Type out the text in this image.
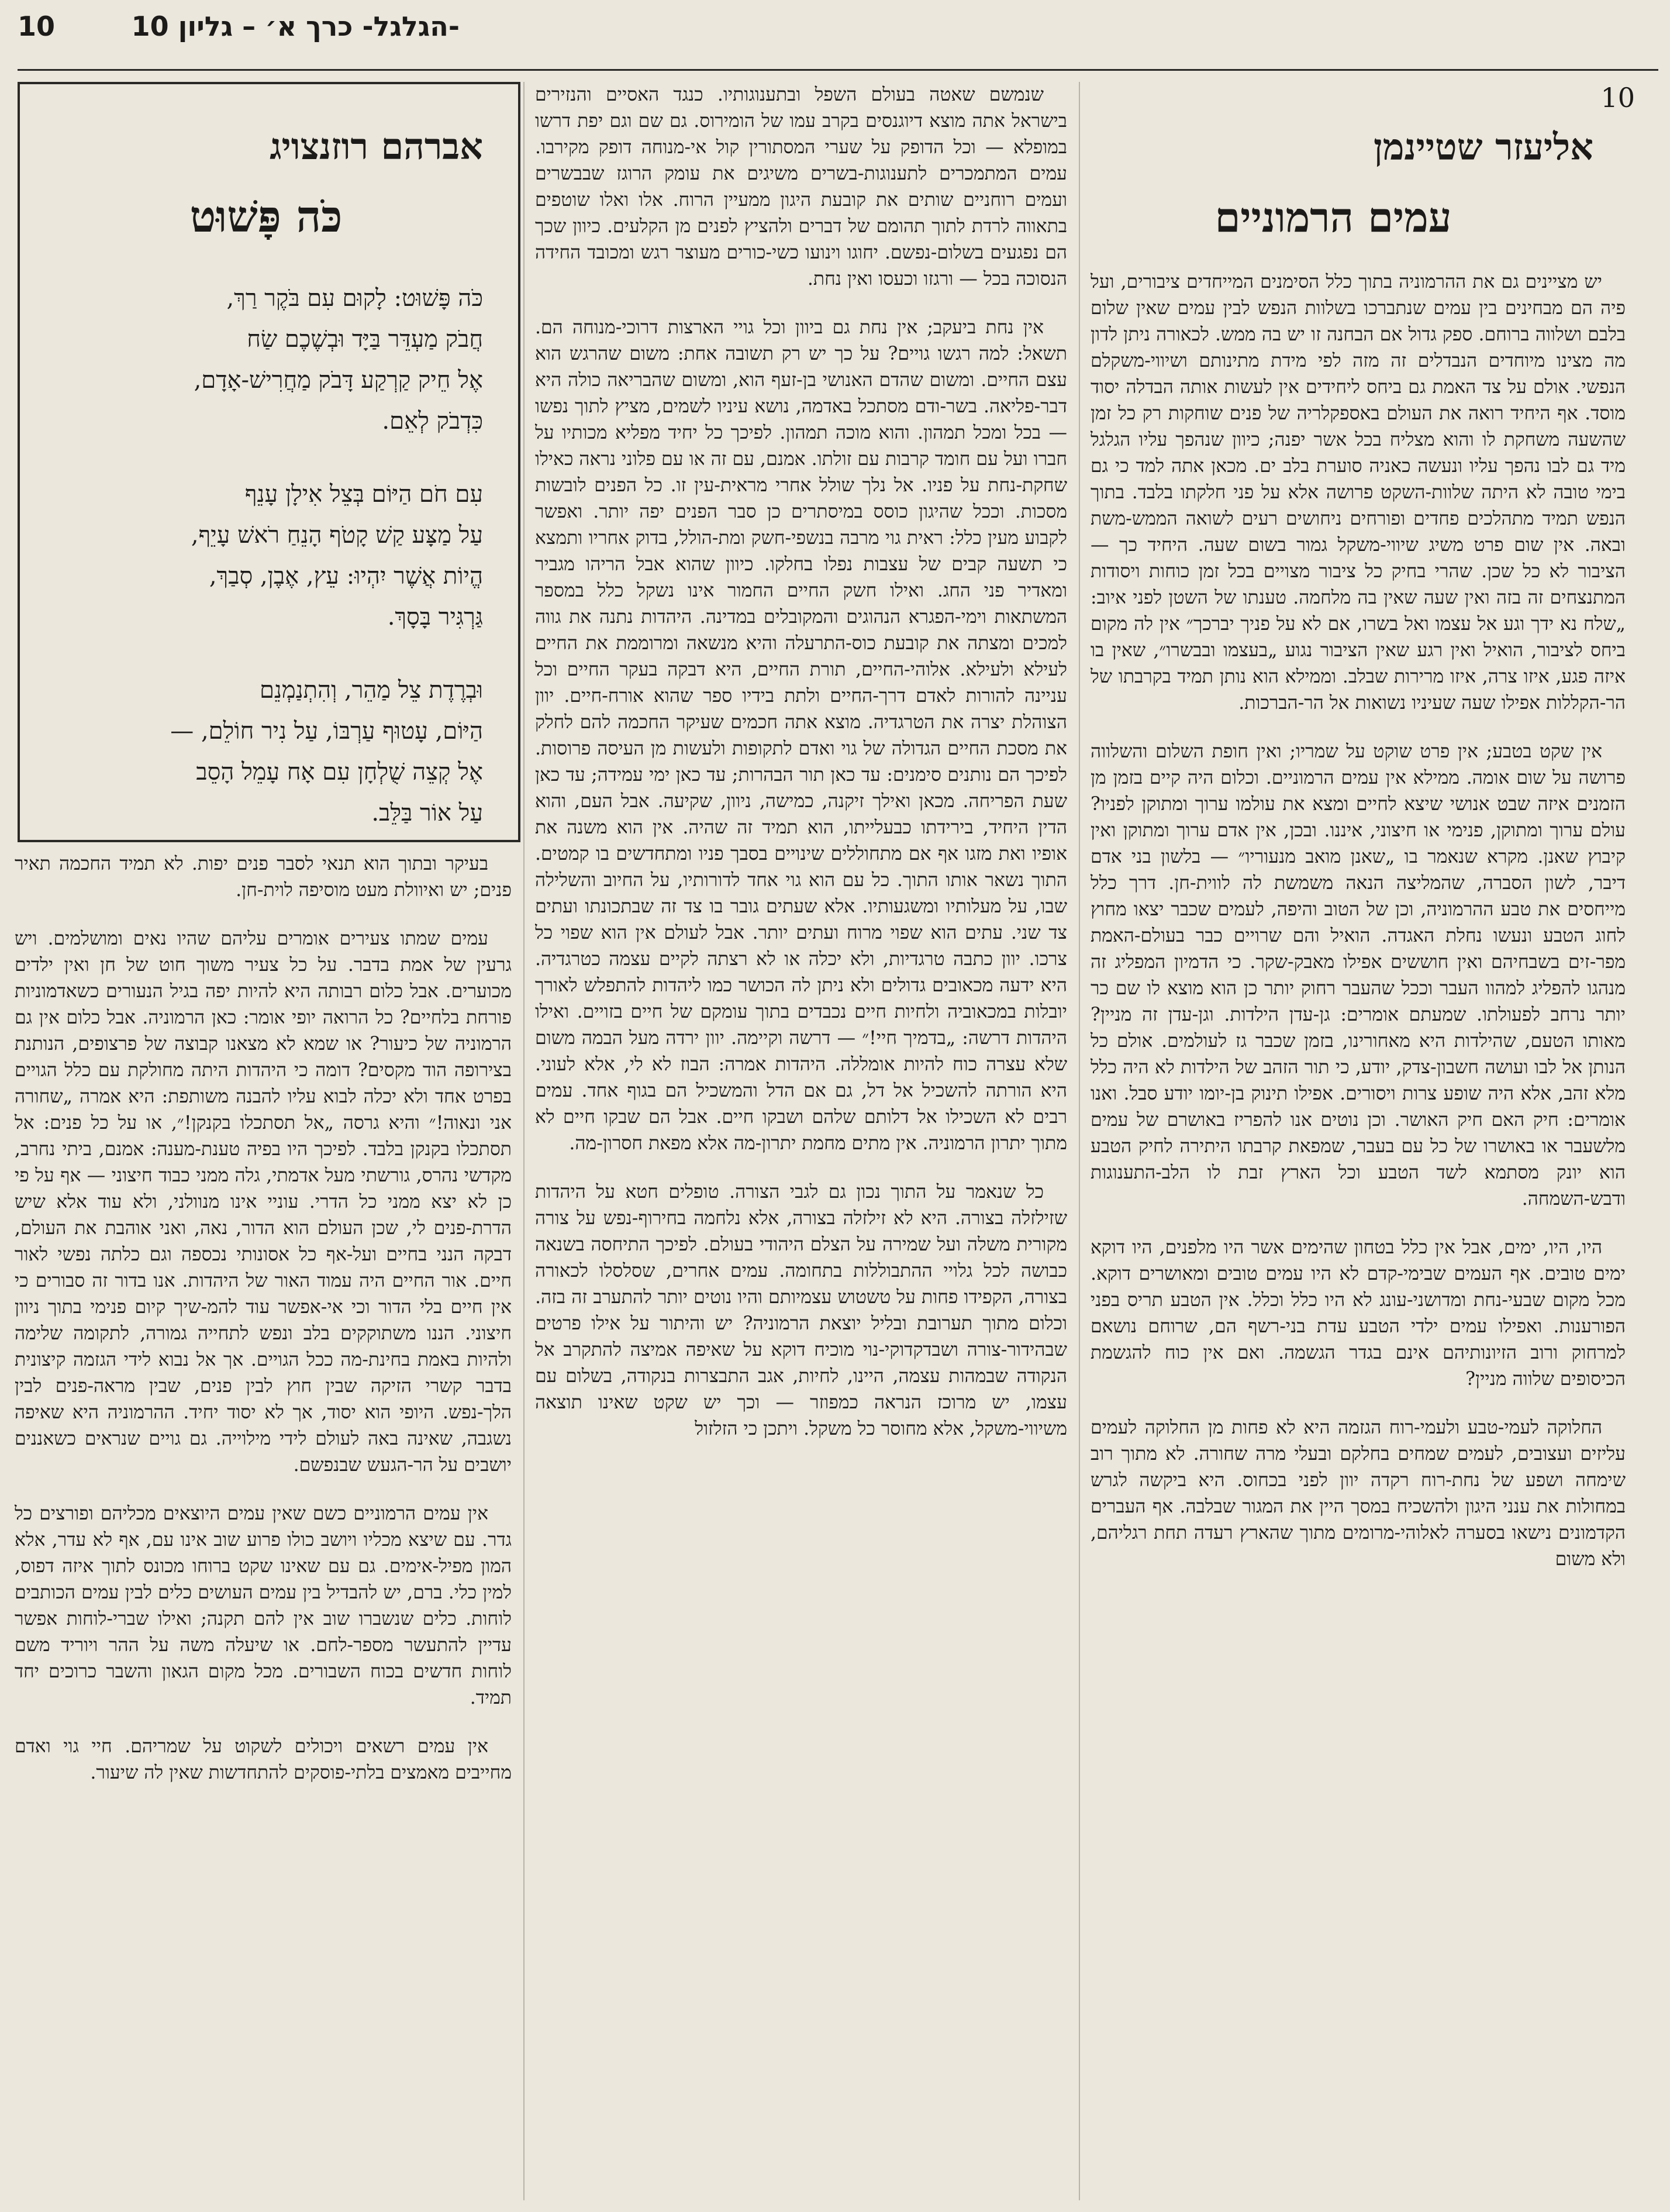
10	-הגלגל- כרך א׳ – גליון 10
10
אליעזר שטיינמן
עמים הרמוניים

יש מציינים גם את ההרמוניה בתוך כלל הסימנים המייחדים ציבורים, ועל פיה הם מבחינים בין עמים שנתברכו בשלוות הנפש לבין עמים שאין שלום בלבם ושלווה ברוחם. ספק גדול אם הבחנה זו יש בה ממש. לכאורה ניתן לדון מה מצינו מיוחדים הנבדלים זה מזה לפי מידת מתינותם ושיווי-משקלם הנפשי. אולם על צד האמת גם ביחס ליחידים אין לעשות אותה הבדלה יסוד מוסד. אף היחיד רואה את העולם באספקלריה של פנים שוחקות רק כל זמן שהשעה משחקת לו והוא מצליח בכל אשר יפנה; כיוון שנהפך עליו הגלגל מיד גם לבו נהפך עליו ונעשה כאניה סוערת בלב ים. מכאן אתה למד כי גם בימי טובה לא היתה שלוות-השקט פרושה אלא על פני חלקתו בלבד. בתוך הנפש תמיד מתהלכים פחדים ופורחים ניחושים רעים לשואה הממש-משת ובאה. אין שום פרט משיג שיווי-משקל גמור בשום שעה. היחיד כך — הציבור לא כל שכן. שהרי בחיק כל ציבור מצויים בכל זמן כוחות ויסודות המתנצחים זה בזה ואין שעה שאין בה מלחמה. טענתו של השטן לפני איוב: „שלח נא ידך וגע אל עצמו ואל בשרו, אם לא על פניך יברכך״ אין לה מקום ביחס לציבור, הואיל ואין רגע שאין הציבור נגוע „בעצמו ובבשרו״, שאין בו איזה פגע, איזו צרה, איזו מרירות שבלב. וממילא הוא נותן תמיד בקרבתו של הר-הקללות אפילו שעה שעיניו נשואות אל הר-הברכות.

אין שקט בטבע; אין פרט שוקט על שמריו; ואין חופת השלום והשלווה פרושה על שום אומה. ממילא אין עמים הרמוניים. וכלום היה קיים בזמן מן הזמנים איזה שבט אנושי שיצא לחיים ומצא את עולמו ערוך ומתוקן לפניו? עולם ערוך ומתוקן, פנימי או חיצוני, איננו. ובכן, אין אדם ערוך ומתוקן ואין קיבוץ שאנן. מקרא שנאמר בו „שאנן מואב מנעוריו״ — בלשון בני אדם דיבר, לשון הסברה, שהמליצה הנאה משמשת לה לווית-חן. דרך כלל מייחסים את טבע ההרמוניה, וכן של הטוב והיפה, לעמים שכבר יצאו מחוץ לחוג הטבע ונעשו נחלת האגדה. הואיל והם שרויים כבר בעולם-האמת מפר-זים בשבחיהם ואין חוששים אפילו מאבק-שקר. כי הדמיון המפליג זה מנהגו להפליג למהוו העבר וככל שהעבר רחוק יותר כן הוא מוצא לו שם כר יותר נרחב לפעולתו. שמעתם אומרים: גן-עדן הילדות. וגן-עדן זה מניין? מאותו הטעם, שהילדות היא מאחורינו, בזמן שכבר גז לעולמים. אולם כל הנותן אל לבו ועושה חשבון-צדק, יודע, כי תור הזהב של הילדות לא היה כלל מלא זהב, אלא היה שופע צרות ויסורים. אפילו תינוק בן-יומו יודע סבל. ואנו אומרים: חיק האם חיק האושר. וכן נוטים אנו להפריז באושרם של עמים מלשעבר או באושרו של כל עם בעבר, שמפאת קרבתו היתירה לחיק הטבע הוא יונק מסתמא לשד הטבע וכל הארץ זבת לו הלב-התענוגות ודבש-השמחה.

היו, היו, ימים, אבל אין כלל בטחון שהימים אשר היו מלפנים, היו דוקא ימים טובים. אף העמים שבימי-קדם לא היו עמים טובים ומאושרים דוקא. מכל מקום שבעי-נחת ומדושני-עונג לא היו כלל וכלל. אין הטבע תריס בפני הפורענות. ואפילו עמים ילדי הטבע עדת בני-רשף הם, שרוחם נושאם למרחוק ורוב הזיונותיהם אינם בגדר הגשמה. ואם אין כוח להגשמת הכיסופים שלווה מניין?

החלוקה לעמי-טבע ולעמי-רוח הגזמה היא לא פחות מן החלוקה לעמים עליזים ועצובים, לעמים שמחים בחלקם ובעלי מרה שחורה. לא מתוך רוב שימחה ושפע של נחת-רוח רקדה יוון לפני בכחוס. היא ביקשה לגרש במחולות את ענני היגון ולהשכיח במסך היין את המגור שבלבה. אף העברים הקדמונים נישאו בסערה לאלוהי-מרומים מתוך שהארץ רעדה תחת רגליהם, ולא משום

שנמשם שאטה בעולם השפל ובתענוגותיו. כנגד האסיים והנזירים בישראל אתה מוצא דיוגנסים בקרב עמו של הומירוס. גם שם וגם יפת דרשו במופלא — וכל הדופק על שערי המסתורין קול אי-מנוחה דופק מקירבו. עמים המתמכרים לתענוגות-בשרים משיגים את עומק הרוגז שבבשרים ועמים רוחניים שותים את קובעת היגון ממעיין הרוח. אלו ואלו שוטפים בתאווה לרדת לתוך תהומם של דברים ולהציץ לפנים מן הקלעים. כיוון שכך הם נפגעים בשלום-נפשם. יחוגו וינועו כשי-כורים מעוצר רגש ומכובד החידה הנסוכה בכל — ורגזו וכעסו ואין נחת.

אין נחת ביעקב; אין נחת גם ביוון וכל גויי הארצות דרוכי-מנוחה הם. תשאל: למה רגשו גויים? על כך יש רק תשובה אחת: משום שהרגש הוא עצם החיים. ומשום שהדם האנושי בן-זעף הוא, ומשום שהבריאה כולה היא דבר-פליאה. בשר-ודם מסתכל באדמה, נושא עיניו לשמים, מציץ לתוך נפשו — בכל ומכל תמהון. והוא מוכה תמהון. לפיכך כל יחיד מפליא מכותיו על חברו ועל עם חומד קרבות עם זולתו. אמנם, עם זה או עם פלוני נראה כאילו שחקת-נחת על פניו. אל נלך שולל אחרי מראית-עין זו. כל הפנים לובשות מסכות. וככל שהיגון כוסס במיסתרים כן סבר הפנים יפה יותר. ואפשר לקבוע מעין כלל: ראית גוי מרבה בנשפי-חשק ומת-הולל, בדוק אחריו ותמצא כי תשעה קבים של עצבות נפלו בחלקו. כיוון שהוא אבל הריהו מגביר ומאדיר פני החג. ואילו חשק החיים החמור אינו נשקל כלל במספר המשתאות וימי-הפגרא הנהוגים והמקובלים במדינה. היהדות נתנה את גווה למכים ומצתה את קובעת כוס-התרעלה והיא מנשאה ומרוממת את החיים לעילא ולעילא. אלוהי-החיים, תורת החיים, היא דבקה בעקר החיים וכל עניינה להורות לאדם דרך-החיים ולתת בידיו ספר שהוא אורח-חיים. יוון הצוהלת יצרה את הטרגדיה. מוצא אתה חכמים שעיקר החכמה להם לחלק את מסכת החיים הגדולה של גוי ואדם לתקופות ולעשות מן העיסה פרוסות. לפיכך הם נותנים סימנים: עד כאן תור הבהרות; עד כאן ימי עמידה; עד כאן שעת הפריחה. מכאן ואילך זיקנה, כמישה, ניוון, שקיעה. אבל העם, והוא הדין היחיד, בירידתו כבעלייתו, הוא תמיד זה שהיה. אין הוא משנה את אופיו ואת מזגו אף אם מתחוללים שינויים בסבך פניו ומתחדשים בו קמטים. התוך נשאר אותו התוך. כל עם הוא גוי אחד לדורותיו, על החיוב והשלילה שבו, על מעלותיו ומשגעותיו. אלא שעתים גובר בו צד זה שבתכונתו ועתים צד שני. עתים הוא שפוי מרוח ועתים יותר. אבל לעולם אין הוא שפוי כל צרכו. יוון כתבה טרגדיות, ולא יכלה או לא רצתה לקיים עצמה כטרגדיה. היא ידעה מכאובים גדולים ולא ניתן לה הכושר כמו ליהדות להתפלש לאורך יובלות במכאוביה ולחיות חיים נכבדים בתוך עומקם של חיים בזויים. ואילו היהדות דרשה: „בדמיך חיי!״ — דרשה וקיימה. יוון ירדה מעל הבמה משום שלא עצרה כוח להיות אומללה. היהדות אמרה: הבוז לא לי, אלא לעוני. היא הורתה להשכיל אל דל, גם אם הדל והמשכיל הם בגוף אחד. עמים רבים לא השכילו אל דלותם שלהם ושבקו חיים. אבל הם שבקו חיים לא מתוך יתרון הרמוניה. אין מתים מחמת יתרון-מה אלא מפאת חסרון-מה.

כל שנאמר על התוך נכון גם לגבי הצורה. טופלים חטא על היהדות שזילזלה בצורה. היא לא זילזלה בצורה, אלא נלחמה בחירוף-נפש על צורה מקורית משלה ועל שמירה על הצלם היהודי בעולם. לפיכך התיחסה בשנאה כבושה לכל גלויי ההתבוללות בתחומה. עמים אחרים, שסלסלו לכאורה בצורה, הקפידו פחות על טשטוש עצמיותם והיו נוטים יותר להתערב זה בזה. וכלום מתוך תערובת ובליל יוצאת הרמוניה? יש והיתור על אילו פרטים שבהידור-צורה ושבדקדוקי-נוי מוכיח דוקא על שאיפה אמיצה להתקרב אל הנקודה שבמהות עצמה, היינו, לחיות, אגב התבצרות בנקודה, בשלום עם עצמו, יש מרוכז הנראה כמפוזר — וכך יש שקט שאינו תוצאה משיווי-משקל, אלא מחוסר כל משקל. ויתכן כי הזלזול

אברהם רוזנצויג
כֹּה פָּשׁוּט
כֹּה פָּשׁוּט: לָקוּם עִם בֹּקֶר רַךְ,
חֲבֹק מַעְדֵּר בַּיָּד וּבְשֶׁכֶם שַׂח
אֶל חֵיק קַרְקַע דָּבֹק מַחֲרִישׁ-אָדָם,
כִּדְבֹק לְאֵם.
עִם חֹם הַיּוֹם בְּצֵל אִילָן עָנֵף
עַל מַצָּע קַשׁ קָטֹף הָנֵחַ רֹאשׁ עָיֵף,
הֱיוֹת אֲשֶׁר יִהְיוּ: עֵץ, אֶבֶן, סְבַךְ,
גַּרְגִּיר בָּסָךְ.
וּבְרֶדֶת צֵל מַהֵר, וְהִתְנַמְנֵם
הַיּוֹם, עָטוּף עַרְבּוֹ, עַל נִיר חוֹלֵם, —
אֶל קְצֵה שֻׁלְחָן עִם אָח עָמֵל הָסֵב
עַל אוֹר בַּלֵּב.

בעיקר ובתוך הוא תנאי לסבר פנים יפות. לא תמיד החכמה תאיר פנים; יש ואיוולת מעט מוסיפה לוית-חן.

עמים שמתו צעירים אומרים עליהם שהיו נאים ומושלמים. ויש גרעין של אמת בדבר. על כל צעיר משוך חוט של חן ואין ילדים מכוערים. אבל כלום רבותה היא להיות יפה בגיל הנעורים כשאדמוניות פורחת בלחיים? כל הרואה יופי אומר: כאן הרמוניה. אבל כלום אין גם הרמוניה של כיעור? או שמא לא מצאנו קבוצה של פרצופים, הנותנת בצירופה הוד מקסים? דומה כי היהדות היתה מחולקת עם כלל הגויים בפרט אחד ולא יכלה לבוא עליו להבנה משותפת: היא אמרה „שחורה אני ונאוה!״ והיא גרסה „אל תסתכלו בקנקן!״, או על כל פנים: אל תסתכלו בקנקן בלבד. לפיכך היו בפיה טענת-מענה: אמנם, ביתי נחרב, מקדשי נהרס, גורשתי מעל אדמתי, גלה ממני כבוד חיצוני — אף על פי כן לא יצא ממני כל הדרי. עוניי אינו מנוולני, ולא עוד אלא שיש הדרת-פנים לי, שכן העולם הוא הדור, נאה, ואני אוהבת את העולם, דבקה הנני בחיים ועל-אף כל אסונותי נכספה וגם כלתה נפשי לאור חיים. אור החיים היה עמוד האור של היהדות. אנו בדור זה סבורים כי אין חיים בלי הדור וכי אי-אפשר עוד להמ-שיך קיום פנימי בתוך ניוון חיצוני. הננו משתוקקים בלב ונפש לתחייה גמורה, לתקומה שלימה ולהיות באמת בחינת-מה ככל הגויים. אך אל נבוא לידי הגזמה קיצונית בדבר קשרי הזיקה שבין חוץ לבין פנים, שבין מראה-פנים לבין הלך-נפש. היופי הוא יסוד, אך לא יסוד יחיד. ההרמוניה היא שאיפה נשגבה, שאינה באה לעולם לידי מילוייה. גם גויים שנראים כשאננים יושבים על הר-הגעש שבנפשם.

אין עמים הרמוניים כשם שאין עמים היוצאים מכליהם ופורצים כל גדר. עם שיצא מכליו ויושב כולו פרוע שוב אינו עם, אף לא עדר, אלא המון מפיל-אימים. גם עם שאינו שקט ברוחו מכונס לתוך איזה דפוס, למין כלי. ברם, יש להבדיל בין עמים העושים כלים לבין עמים הכותבים לוחות. כלים שנשברו שוב אין להם תקנה; ואילו שברי-לוחות אפשר עדיין להתעשר מספר-לחם. או שיעלה משה על ההר ויוריד משם לוחות חדשים בכוח השבורים. מכל מקום הגאון והשבר כרוכים יחד תמיד.

אין עמים רשאים ויכולים לשקוט על שמריהם. חיי גוי ואדם מחייבים מאמצים בלתי-פוסקים להתחדשות שאין לה שיעור.
